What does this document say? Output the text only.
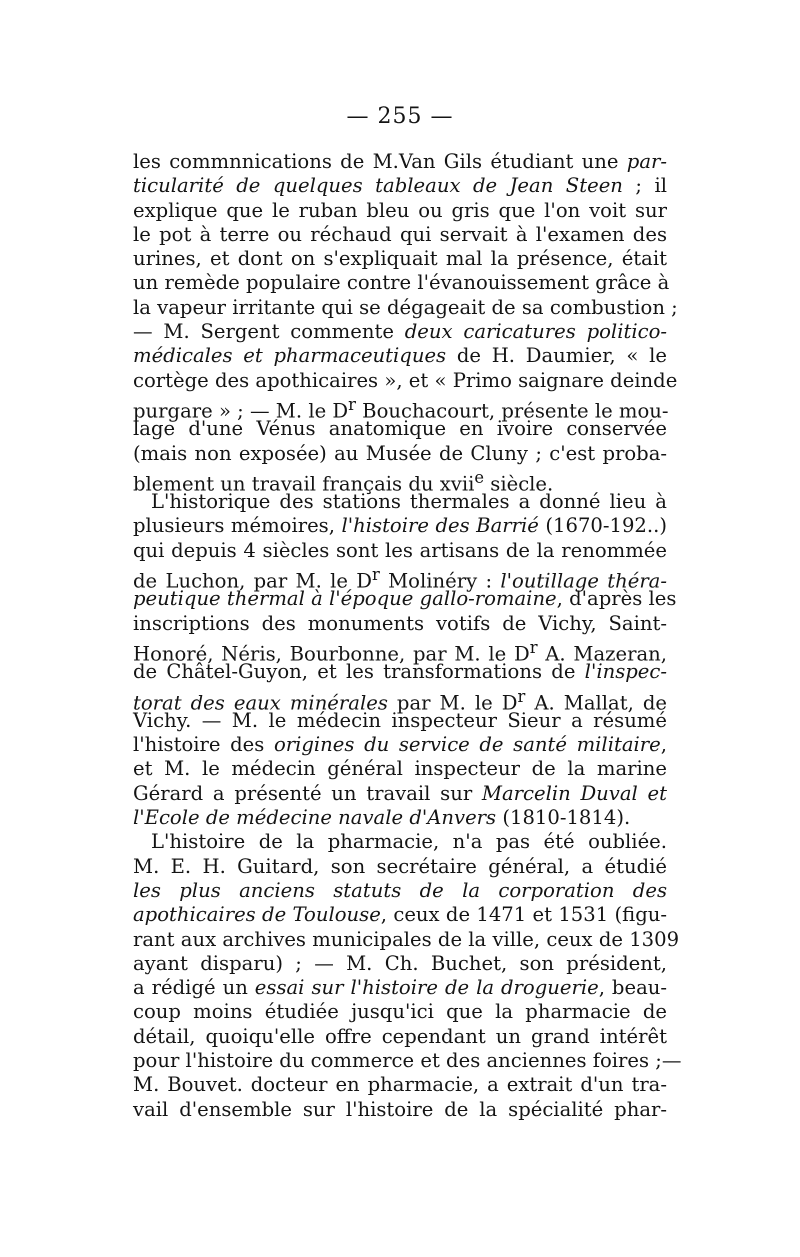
— 255 —
les commnnications de M.Van Gils étudiant une par-
ticularité de quelques tableaux de Jean Steen ; il
explique que le ruban bleu ou gris que l'on voit sur
le pot à terre ou réchaud qui servait à l'examen des
urines, et dont on s'expliquait mal la présence, était
un remède populaire contre l'évanouissement grâce à
la vapeur irritante qui se dégageait de sa combustion ;
— M. Sergent commente deux caricatures politico-
médicales et pharmaceutiques de H. Daumier, « le
cortège des apothicaires », et « Primo saignare deinde
purgare » ; — M. le $D^r$ Bouchacourt, présente le mou-
lage d'une Vénus anatomique en ivoire conservée
(mais non exposée) au Musée de Cluny ; c'est proba-
blement un travail français du xvii$^e$ siècle.
L'historique des stations thermales a donné lieu à
plusieurs mémoires, l'histoire des Barrié (1670-192..)
qui depuis 4 siècles sont les artisans de la renommée
de Luchon, par M. le $D^r$ Molinéry : l'outillage théra-
peutique thermal à l'époque gallo-romaine, d'après les
inscriptions des monuments votifs de Vichy, Saint-
Honoré, Néris, Bourbonne, par M. le $D^r$ A. Mazeran,
de Châtel-Guyon, et les transformations de l'inspec-
torat des eaux minérales par M. le $D^r$ A. Mallat, de
Vichy. — M. le médecin inspecteur Sieur a résumé
l'histoire des origines du service de santé militaire,
et M. le médecin général inspecteur de la marine
Gérard a présenté un travail sur Marcelin Duval et
l'Ecole de médecine navale d'Anvers (1810-1814).
L'histoire de la pharmacie, n'a pas été oubliée.
M. E. H. Guitard, son secrétaire général, a étudié
les plus anciens statuts de la corporation des
apothicaires de Toulouse, ceux de 1471 et 1531 (figu-
rant aux archives municipales de la ville, ceux de 1309
ayant disparu) ; — M. Ch. Buchet, son président,
a rédigé un essai sur l'histoire de la droguerie, beau-
coup moins étudiée jusqu'ici que la pharmacie de
détail, quoiqu'elle offre cependant un grand intérêt
pour l'histoire du commerce et des anciennes foires ;—
M. Bouvet. docteur en pharmacie, a extrait d'un tra-
vail d'ensemble sur l'histoire de la spécialité phar-
